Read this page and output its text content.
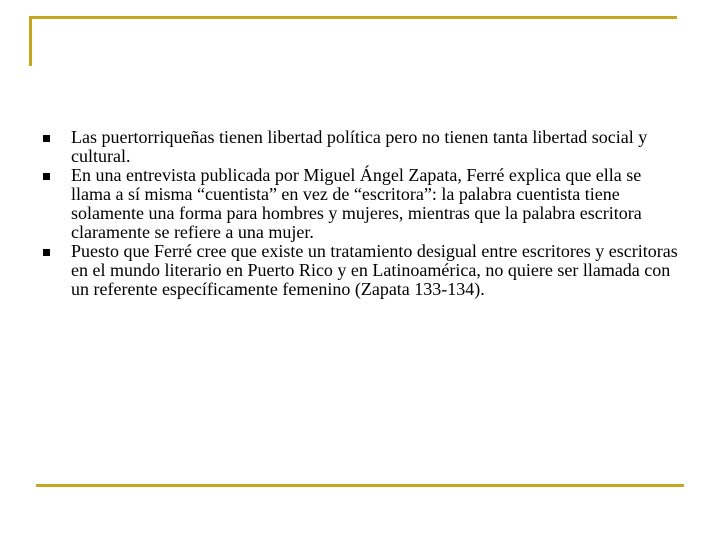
Las puertorriqueñas tienen libertad política pero no tienen tanta libertad social y cultural.
En una entrevista publicada por Miguel Ángel Zapata, Ferré explica que ella se llama a sí misma “cuentista” en vez de “escritora”: la palabra cuentista tiene solamente una forma para hombres y mujeres, mientras que la palabra escritora claramente se refiere a una mujer.
Puesto que Ferré cree que existe un tratamiento desigual entre escritores y escritoras en el mundo literario en Puerto Rico y en Latinoamérica, no quiere ser llamada con un referente específicamente femenino (Zapata 133-134).
